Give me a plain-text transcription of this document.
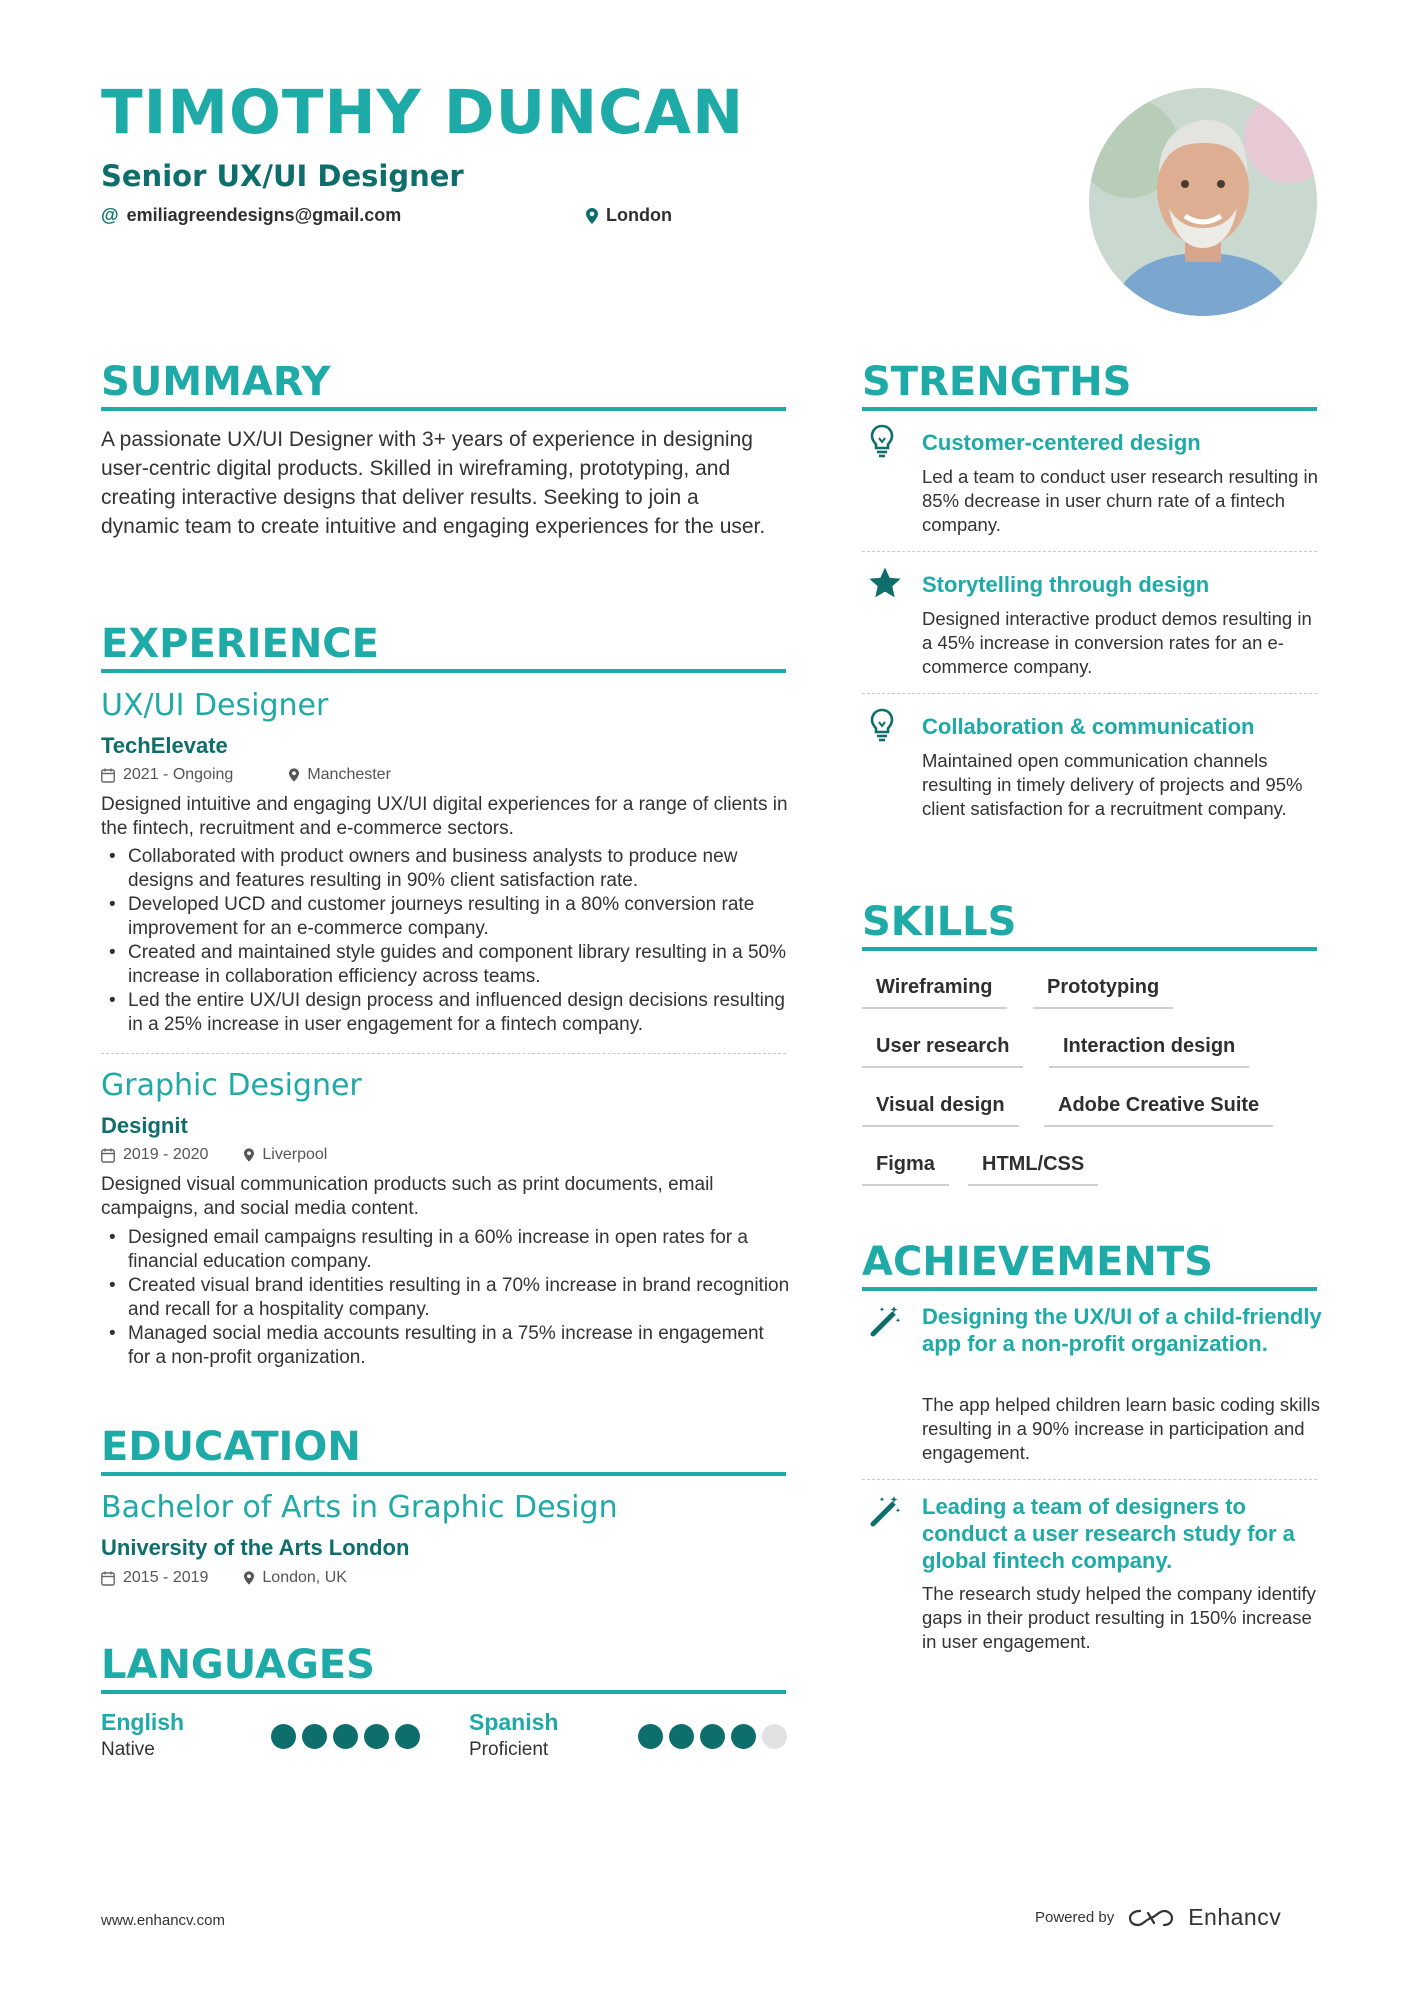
TIMOTHY DUNCAN
Senior UX/UI Designer
@ emiliagreendesigns@gmail.com	London
SUMMARY

A passionate UX/UI Designer with 3+ years of experience in designing user-centric digital products. Skilled in wireframing, prototyping, and creating interactive designs that deliver results. Seeking to join a dynamic team to create intuitive and engaging experiences for the user.

EXPERIENCE
UX/UI Designer
TechElevate
2021 - Ongoing	Manchester

Designed intuitive and engaging UX/UI digital experiences for a range of clients in the fintech, recruitment and e-commerce sectors.

• Collaborated with product owners and business analysts to produce new designs and features resulting in 90% client satisfaction rate.
• Developed UCD and customer journeys resulting in a 80% conversion rate improvement for an e-commerce company.
• Created and maintained style guides and component library resulting in a 50% increase in collaboration efficiency across teams.
• Led the entire UX/UI design process and influenced design decisions resulting in a 25% increase in user engagement for a fintech company.
Graphic Designer
Designit
2019 - 2020	Liverpool

Designed visual communication products such as print documents, email campaigns, and social media content.

• Designed email campaigns resulting in a 60% increase in open rates for a financial education company.
• Created visual brand identities resulting in a 70% increase in brand recognition and recall for a hospitality company.
• Managed social media accounts resulting in a 75% increase in engagement for a non-profit organization.
EDUCATION
Bachelor of Arts in Graphic Design
University of the Arts London
2015 - 2019	London, UK
LANGUAGES
English
Native
Spanish
Proficient
STRENGTHS
Customer-centered design

Led a team to conduct user research resulting in 85% decrease in user churn rate of a fintech company.

Storytelling through design

Designed interactive product demos resulting in a 45% increase in conversion rates for an e-commerce company.

Collaboration & communication

Maintained open communication channels resulting in timely delivery of projects and 95% client satisfaction for a recruitment company.

SKILLS
Wireframing	Prototyping
User research	Interaction design
Visual design	Adobe Creative Suite
Figma	HTML/CSS
ACHIEVEMENTS
Designing the UX/UI of a child-friendly app for a non-profit organization.

The app helped children learn basic coding skills resulting in a 90% increase in participation and engagement.

Leading a team of designers to conduct a user research study for a global fintech company.

The research study helped the company identify gaps in their product resulting in 150% increase in user engagement.

www.enhancv.com	Powered by	Enhancv
